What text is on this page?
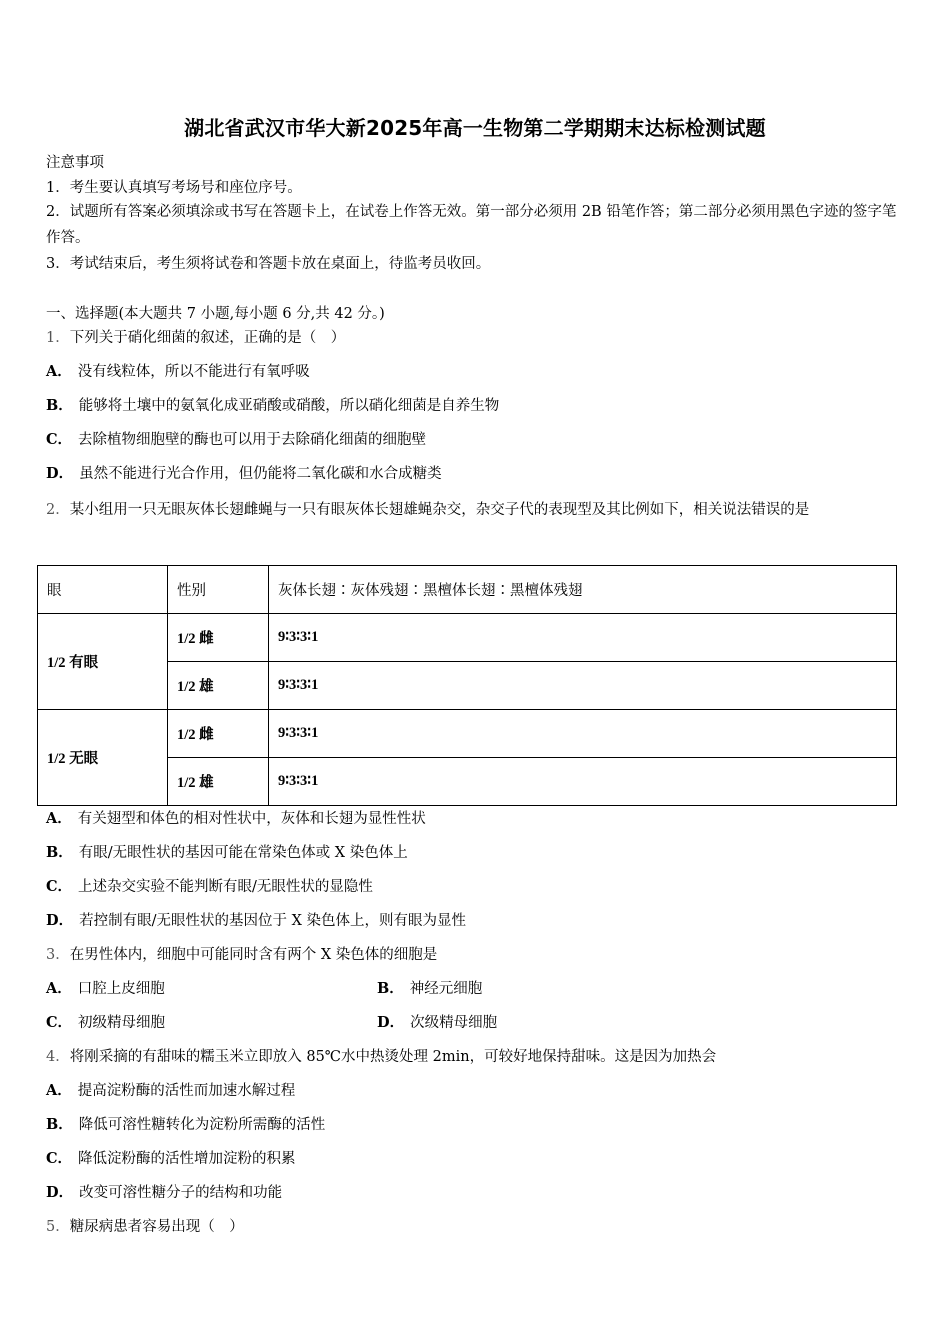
湖北省武汉市华大新2025年高一生物第二学期期末达标检测试题
注意事项
1．考生要认真填写考场号和座位序号。
2．试题所有答案必须填涂或书写在答题卡上，在试卷上作答无效。第一部分必须用 2B 铅笔作答；第二部分必须用黑色字迹的签字笔作答。
3．考试结束后，考生须将试卷和答题卡放在桌面上，待监考员收回。
一、选择题(本大题共 7 小题,每小题 6 分,共 42 分。)
1．下列关于硝化细菌的叙述，正确的是（　）
A． 没有线粒体，所以不能进行有氧呼吸
B． 能够将土壤中的氨氧化成亚硝酸或硝酸，所以硝化细菌是自养生物
C． 去除植物细胞壁的酶也可以用于去除硝化细菌的细胞壁
D． 虽然不能进行光合作用，但仍能将二氧化碳和水合成糖类
2．某小组用一只无眼灰体长翅雌蝇与一只有眼灰体长翅雄蝇杂交，杂交子代的表现型及其比例如下，相关说法错误的是
眼	性别	灰体长翅∶灰体残翅∶黑檀体长翅∶黑檀体残翅
1/2 有眼	1/2 雌	9∶3∶3∶1
	1/2 雄	9∶3∶3∶1
1/2 无眼	1/2 雌	9∶3∶3∶1
	1/2 雄	9∶3∶3∶1
A． 有关翅型和体色的相对性状中，灰体和长翅为显性性状
B． 有眼/无眼性状的基因可能在常染色体或 X 染色体上
C． 上述杂交实验不能判断有眼/无眼性状的显隐性
D． 若控制有眼/无眼性状的基因位于 X 染色体上，则有眼为显性
3．在男性体内，细胞中可能同时含有两个 X 染色体的细胞是
A． 口腔上皮细胞	B． 神经元细胞
C． 初级精母细胞	D． 次级精母细胞
4．将刚采摘的有甜味的糯玉米立即放入 85℃水中热烫处理 2min，可较好地保持甜味。这是因为加热会
A． 提高淀粉酶的活性而加速水解过程
B． 降低可溶性糖转化为淀粉所需酶的活性
C． 降低淀粉酶的活性增加淀粉的积累
D． 改变可溶性糖分子的结构和功能
5．糖尿病患者容易出现（　）
